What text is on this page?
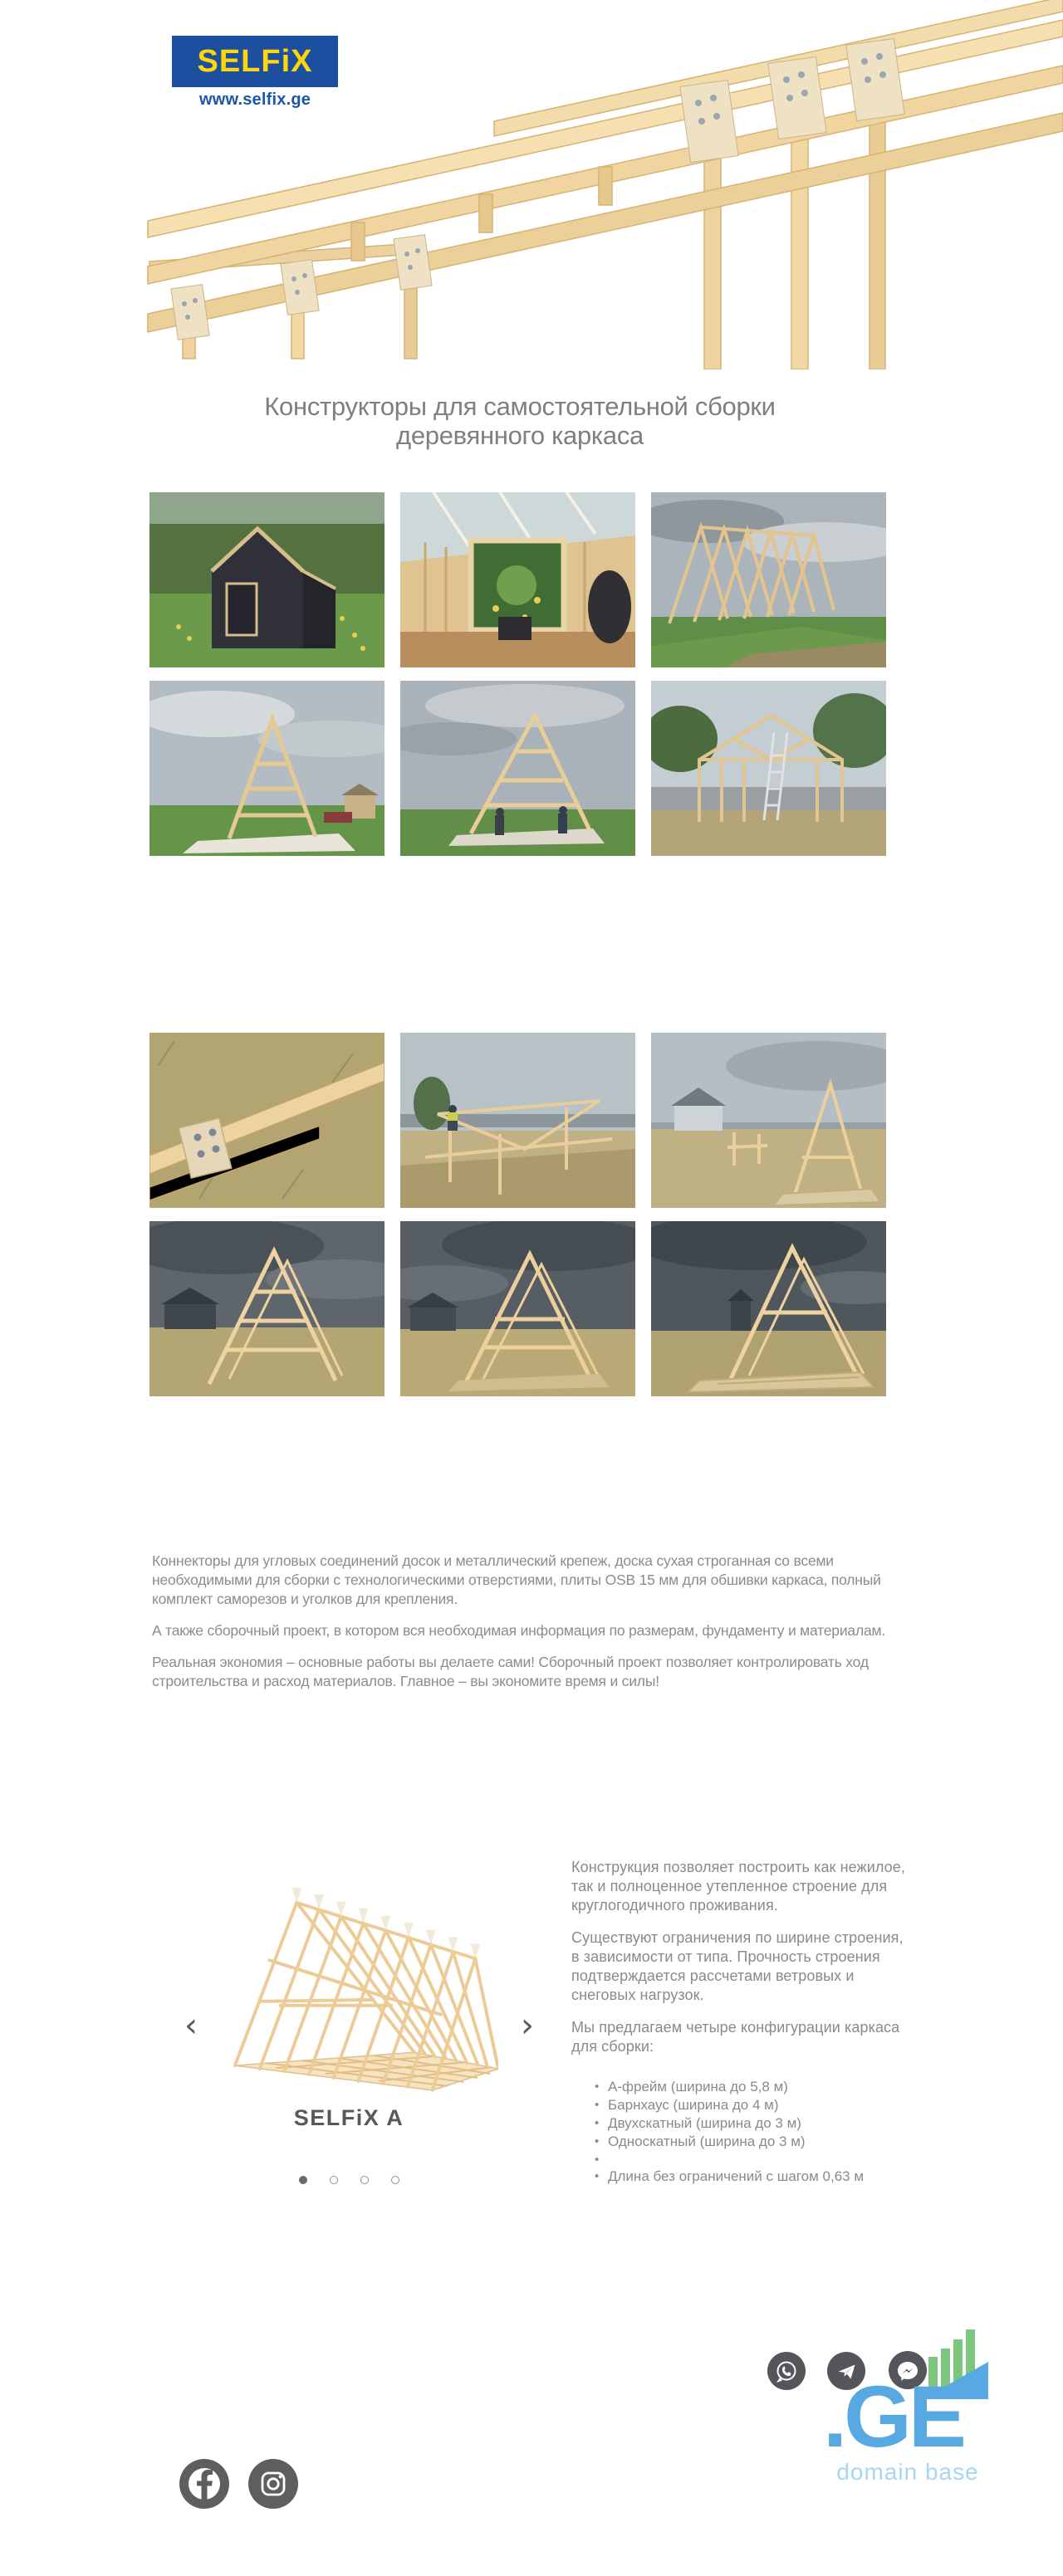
SELFiX
www.selfix.ge
Конструкторы для самостоятельной сборки
деревянного каркаса

Коннекторы для угловых соединений досок и металлический крепеж, доска сухая строганная со всеми необходимыми для сборки с технологическими отверстиями, плиты OSB 15 мм для обшивки каркаса, полный комплект саморезов и уголков для крепления.

А также сборочный проект, в котором вся необходимая информация по размерам, фундаменту и материалам.

Реальная экономия – основные работы вы делаете сами! Сборочный проект позволяет контролировать ход строительства и расход материалов. Главное – вы экономите время и силы!

‹	›
SELFiX A

Конструкция позволяет построить как нежилое, так и полноценное утепленное строение для круглогодичного проживания.

Существуют ограничения по ширине строения, в зависимости от типа. Прочность строения подтверждается рассчетами ветровых и снеговых нагрузок.

Мы предлагаем четыре конфигурации каркаса для сборки:

• А-фрейм (ширина до 5,8 м)
• Барнхаус (ширина до 4 м)
• Двухскатный (ширина до 3 м)
• Односкатный (ширина до 3 м)
•
• Длина без ограничений с шагом 0,63 м
.GE
domain base
